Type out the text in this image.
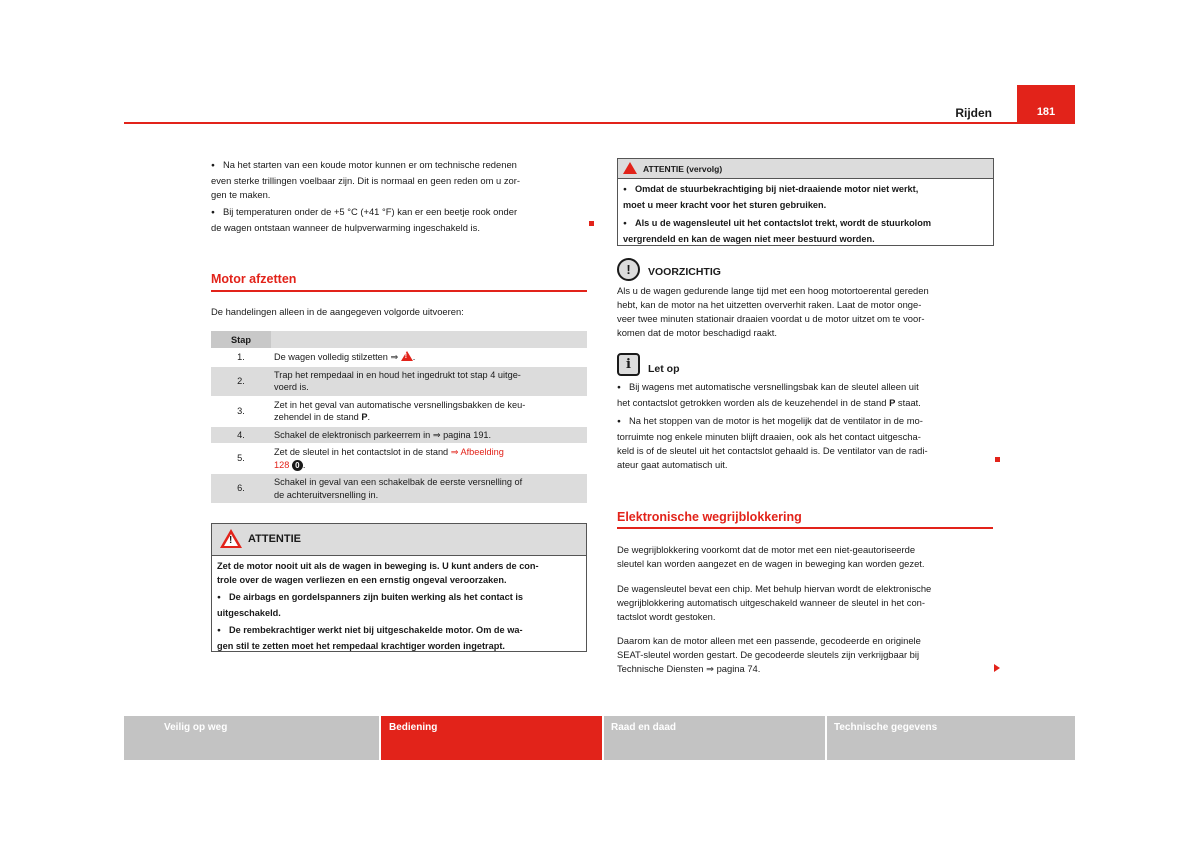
Rijden	181
● Na het starten van een koude motor kunnen er om technische redenen
even sterke trillingen voelbaar zijn. Dit is normaal en geen reden om u zor-
gen te maken.
● Bij temperaturen onder de +5 °C (+41 °F) kan er een beetje rook onder
de wagen ontstaan wanneer de hulpverwarming ingeschakeld is.
Motor afzetten
De handelingen alleen in de aangegeven volgorde uitvoeren:
Stap	
1.	De wagen volledig stilzetten ⇒ !.
2.	Trap het rempedaal in en houd het ingedrukt tot stap 4 uitge-
voerd is.

3.	Zet in het geval van automatische versnellingsbakken de keu-
zehendel in de stand P.

4.	Schakel de elektronisch parkeerrem in ⇒ pagina 191.
5.	Zet de sleutel in het contactslot in de stand ⇒ Afbeelding
128 0 .

6.	Schakel in geval van een schakelbak de eerste versnelling of
de achteruitversnelling in.
! ATTENTIE
Zet de motor nooit uit als de wagen in beweging is. U kunt anders de con-
trole over de wagen verliezen en een ernstig ongeval veroorzaken.
● De airbags en gordelspanners zijn buiten werking als het contact is
uitgeschakeld.
● De rembekrachtiger werkt niet bij uitgeschakelde motor. Om de wa-
gen stil te zetten moet het rempedaal krachtiger worden ingetrapt.
ATTENTIE (vervolg)
● Omdat de stuurbekrachtiging bij niet-draaiende motor niet werkt,
moet u meer kracht voor het sturen gebruiken.
● Als u de wagensleutel uit het contactslot trekt, wordt de stuurkolom
vergrendeld en kan de wagen niet meer bestuurd worden.
!	VOORZICHTIG
Als u de wagen gedurende lange tijd met een hoog motortoerental gereden
hebt, kan de motor na het uitzetten oververhit raken. Laat de motor onge-
veer twee minuten stationair draaien voordat u de motor uitzet om te voor-
komen dat de motor beschadigd raakt.
i	Let op
● Bij wagens met automatische versnellingsbak kan de sleutel alleen uit
het contactslot getrokken worden als de keuzehendel in de stand P staat.
● Na het stoppen van de motor is het mogelijk dat de ventilator in de mo-
torruimte nog enkele minuten blijft draaien, ook als het contact uitgescha-
keld is of de sleutel uit het contactslot gehaald is. De ventilator van de radi-
ateur gaat automatisch uit.
Elektronische wegrijblokkering
De wegrijblokkering voorkomt dat de motor met een niet-geautoriseerde
sleutel kan worden aangezet en de wagen in beweging kan worden gezet.
De wagensleutel bevat een chip. Met behulp hiervan wordt de elektronische
wegrijblokkering automatisch uitgeschakeld wanneer de sleutel in het con-
tactslot wordt gestoken.
Daarom kan de motor alleen met een passende, gecodeerde en originele
SEAT-sleutel worden gestart. De gecodeerde sleutels zijn verkrijgbaar bij
Technische Diensten ⇒ pagina 74.
Veilig op weg	Bediening	Raad en daad	Technische gegevens
